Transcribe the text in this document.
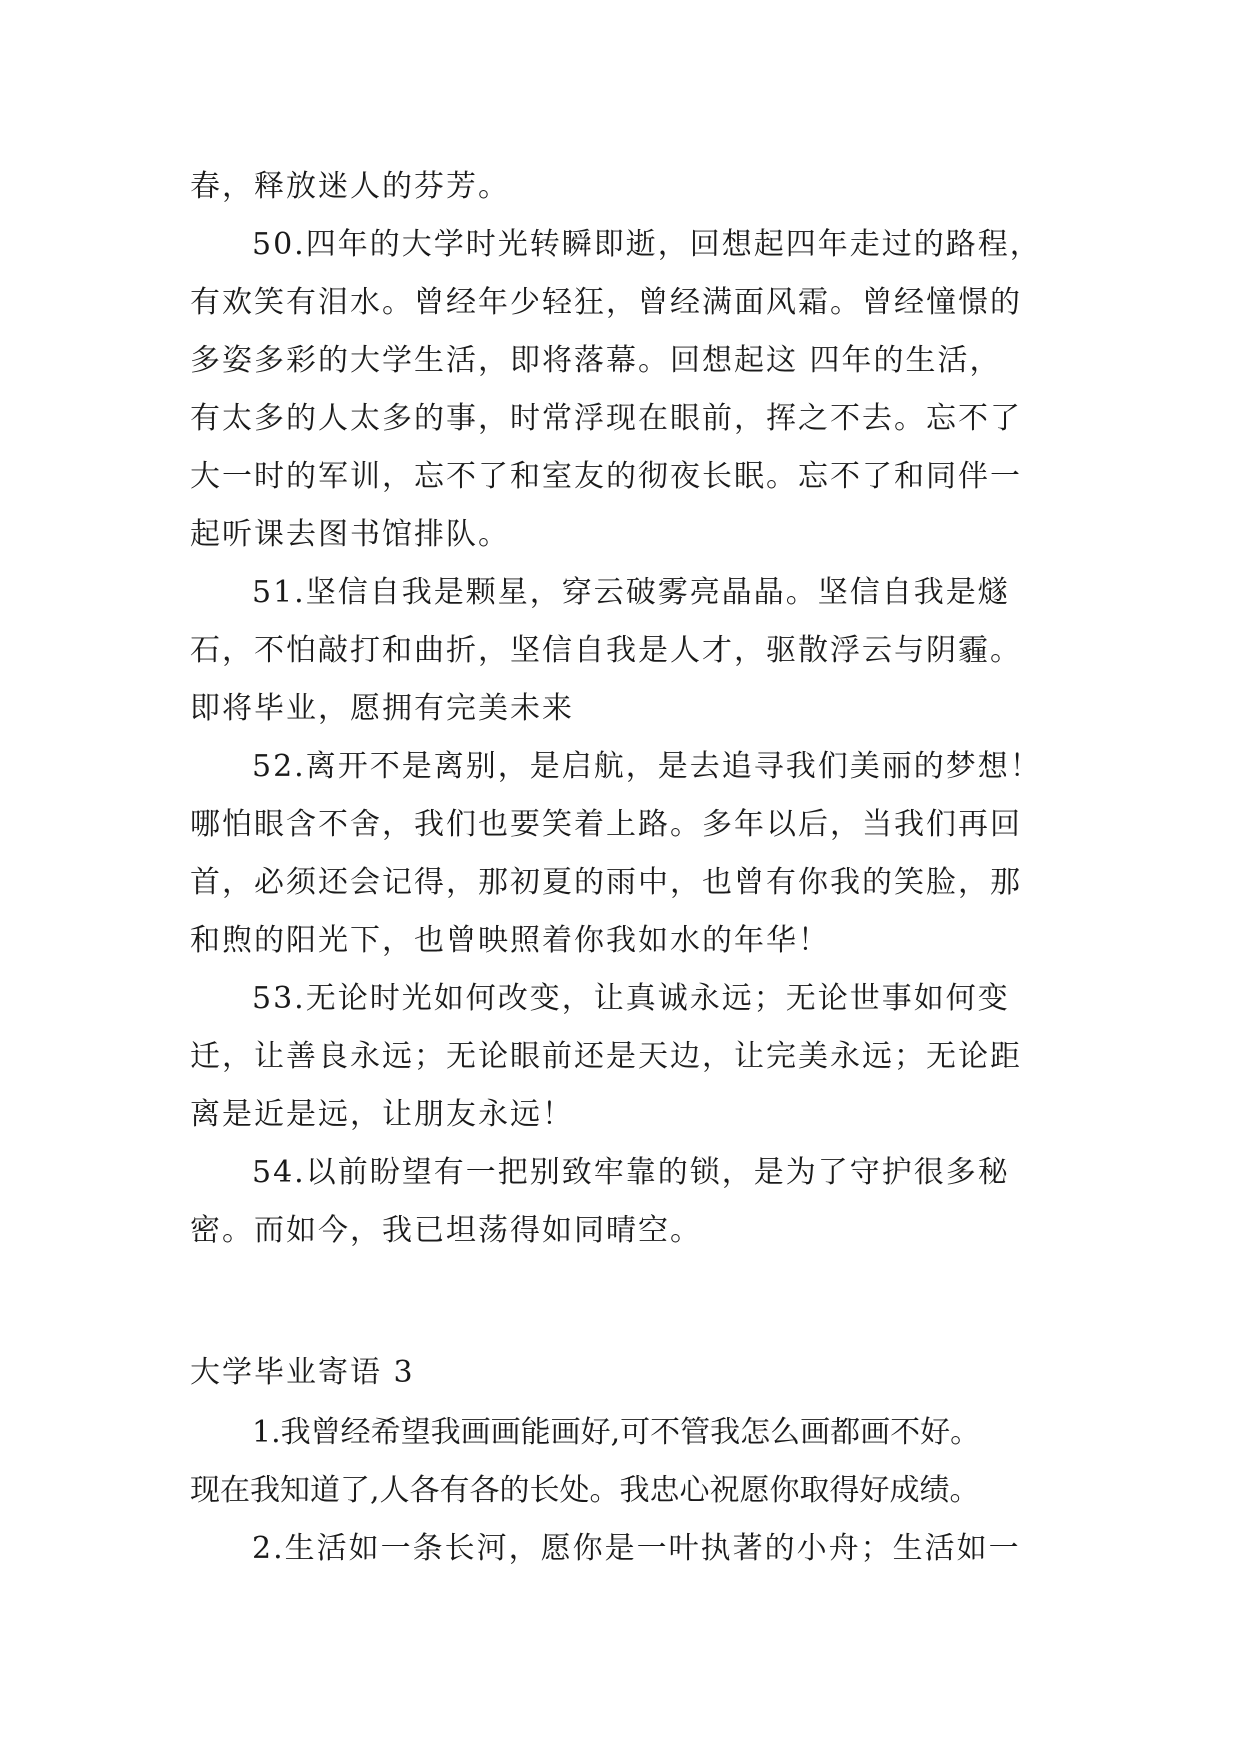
春，释放迷人的芬芳。
50.四年的大学时光转瞬即逝，回想起四年走过的路程，
有欢笑有泪水。曾经年少轻狂，曾经满面风霜。曾经憧憬的
多姿多彩的大学生活，即将落幕。回想起这 四年的生活，
有太多的人太多的事，时常浮现在眼前，挥之不去。忘不了
大一时的军训，忘不了和室友的彻夜长眠。忘不了和同伴一
起听课去图书馆排队。
51.坚信自我是颗星，穿云破雾亮晶晶。坚信自我是燧
石，不怕敲打和曲折，坚信自我是人才，驱散浮云与阴霾。
即将毕业，愿拥有完美未来
52.离开不是离别，是启航，是去追寻我们美丽的梦想！
哪怕眼含不舍，我们也要笑着上路。多年以后，当我们再回
首，必须还会记得，那初夏的雨中，也曾有你我的笑脸，那
和煦的阳光下，也曾映照着你我如水的年华！
53.无论时光如何改变，让真诚永远；无论世事如何变
迁，让善良永远；无论眼前还是天边，让完美永远；无论距
离是近是远，让朋友永远！
54.以前盼望有一把别致牢靠的锁，是为了守护很多秘
密。而如今，我已坦荡得如同晴空。
大学毕业寄语 3
1.我曾经希望我画画能画好,可不管我怎么画都画不好。
现在我知道了,人各有各的长处。我忠心祝愿你取得好成绩。
2.生活如一条长河，愿你是一叶执著的小舟；生活如一
